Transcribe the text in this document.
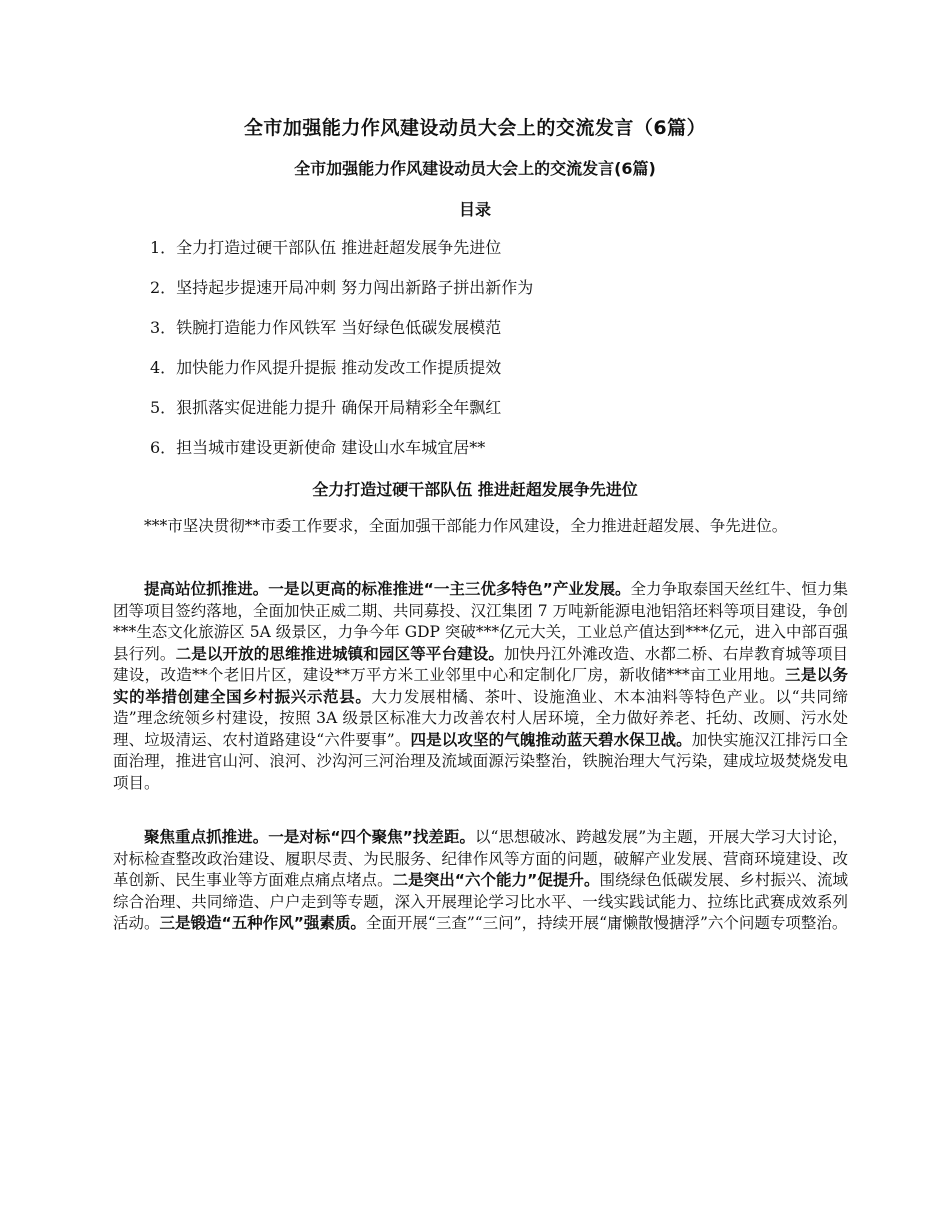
全市加强能力作风建设动员大会上的交流发言（6篇）
全市加强能力作风建设动员大会上的交流发言(6篇)
目录
1．全力打造过硬干部队伍 推进赶超发展争先进位
2．坚持起步提速开局冲刺 努力闯出新路子拼出新作为
3．铁腕打造能力作风铁军 当好绿色低碳发展模范
4．加快能力作风提升提振 推动发改工作提质提效
5．狠抓落实促进能力提升 确保开局精彩全年飘红
6．担当城市建设更新使命 建设山水车城宜居**
全力打造过硬干部队伍 推进赶超发展争先进位

***市坚决贯彻**市委工作要求，全面加强干部能力作风建设，全力推进赶超发展、争先进位。

提高站位抓推进。一是以更高的标准推进“一主三优多特色”产业发展。全力争取泰国天丝红牛、恒力集团等项目签约落地，全面加快正威二期、共同募投、汉江集团 7 万吨新能源电池铝箔坯料等项目建设，争创***生态文化旅游区 5A 级景区，力争今年 GDP 突破***亿元大关，工业总产值达到***亿元，进入中部百强县行列。二是以开放的思维推进城镇和园区等平台建设。加快丹江外滩改造、水都二桥、右岸教育城等项目建设，改造**个老旧片区，建设**万平方米工业邻里中心和定制化厂房，新收储***亩工业用地。三是以务实的举措创建全国乡村振兴示范县。大力发展柑橘、茶叶、设施渔业、木本油料等特色产业。以“共同缔造”理念统领乡村建设，按照 3A 级景区标准大力改善农村人居环境，全力做好养老、托幼、改厕、污水处理、垃圾清运、农村道路建设“六件要事”。四是以攻坚的气魄推动蓝天碧水保卫战。加快实施汉江排污口全面治理，推进官山河、浪河、沙沟河三河治理及流域面源污染整治，铁腕治理大气污染，建成垃圾焚烧发电项目。

聚焦重点抓推进。一是对标“四个聚焦”找差距。以“思想破冰、跨越发展”为主题，开展大学习大讨论，对标检查整改政治建设、履职尽责、为民服务、纪律作风等方面的问题，破解产业发展、营商环境建设、改革创新、民生事业等方面难点痛点堵点。二是突出“六个能力”促提升。围绕绿色低碳发展、乡村振兴、流域综合治理、共同缔造、户户走到等专题，深入开展理论学习比水平、一线实践试能力、拉练比武赛成效系列活动。三是锻造“五种作风”强素质。全面开展“三查”“三问”，持续开展“庸懒散慢搪浮”六个问题专项整治。
